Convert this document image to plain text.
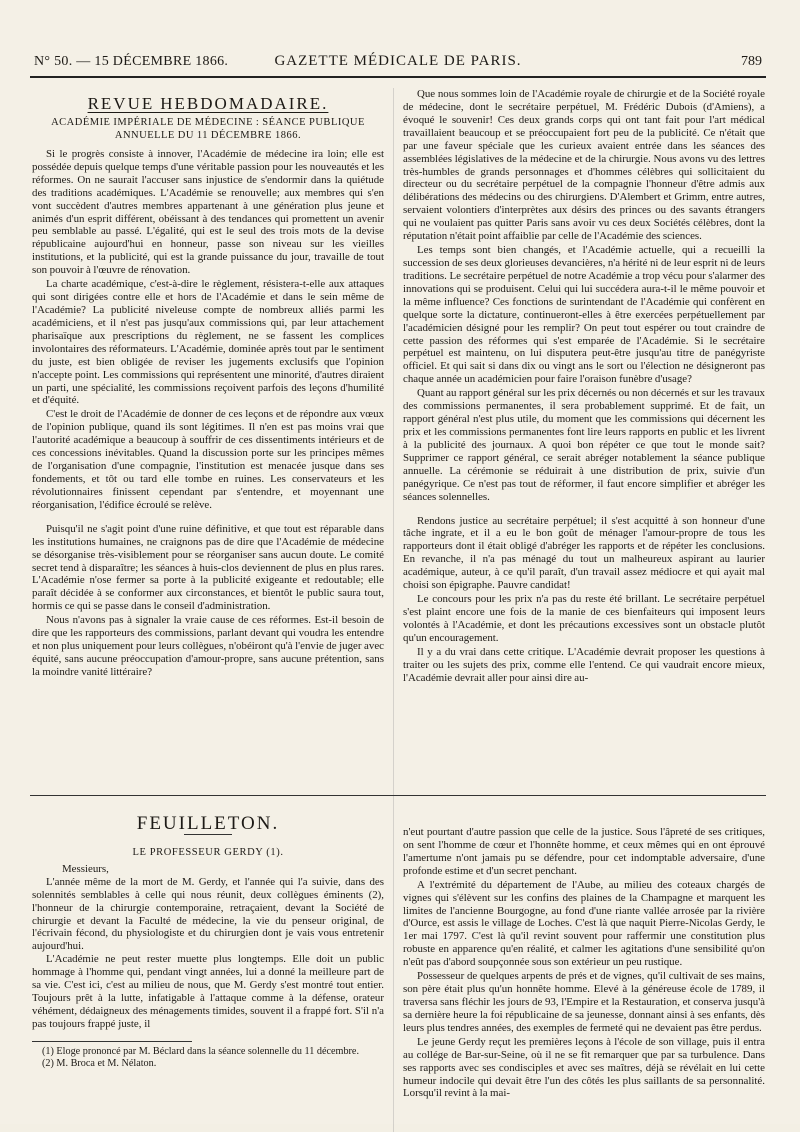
N° 50. — 15 DÉCEMBRE 1866.	GAZETTE MÉDICALE DE PARIS.	789
REVUE HEBDOMADAIRE.
ACADÉMIE IMPÉRIALE DE MÉDECINE : SÉANCE PUBLIQUE
ANNUELLE DU 11 DÉCEMBRE 1866.

Si le progrès consiste à innover, l'Académie de médecine ira loin; elle est possédée depuis quelque temps d'une véritable passion pour les nouveautés et les réformes. On ne saurait l'accuser sans injustice de s'endormir dans la quiétude des traditions académiques. L'Académie se renouvelle; aux membres qui s'en vont succèdent d'autres membres appartenant à une génération plus jeune et animés d'un esprit différent, obéissant à des tendances qui promettent un avenir peu semblable au passé. L'égalité, qui est le seul des trois mots de la devise républicaine aujourd'hui en honneur, passe son niveau sur les vieilles institutions, et la publicité, qui est la grande puissance du jour, travaille de tout son pouvoir à l'œuvre de rénovation.

La charte académique, c'est-à-dire le règlement, résistera-t-elle aux attaques qui sont dirigées contre elle et hors de l'Académie et dans le sein même de l'Académie? La publicité niveleuse compte de nombreux alliés parmi les académiciens, et il n'est pas jusqu'aux commissions qui, par leur attachement pharisaïque aux prescriptions du règlement, ne se fassent les complices involontaires des réformateurs. L'Académie, dominée après tout par le sentiment du juste, est bien obligée de reviser les jugements exclusifs que l'opinion n'accepte point. Les commissions qui représentent une minorité, d'autres diraient un parti, une spécialité, les commissions reçoivent parfois des leçons d'humilité et d'équité.

C'est le droit de l'Académie de donner de ces leçons et de répondre aux vœux de l'opinion publique, quand ils sont légitimes. Il n'en est pas moins vrai que l'autorité académique a beaucoup à souffrir de ces dissentiments intérieurs et de ces concessions inévitables. Quand la discussion porte sur les principes mêmes de l'organisation d'une compagnie, l'institution est menacée jusque dans ses fondements, et tôt ou tard elle tombe en ruines. Les conservateurs et les révolutionnaires finissent cependant par s'entendre, et moyennant une réorganisation, l'édifice écroulé se relève.

Puisqu'il ne s'agit point d'une ruine définitive, et que tout est réparable dans les institutions humaines, ne craignons pas de dire que l'Académie de médecine se désorganise très-visiblement pour se réorganiser sans aucun doute. Le comité secret tend à disparaître; les séances à huis-clos deviennent de plus en plus rares. L'Académie n'ose fermer sa porte à la publicité exigeante et redoutable; elle paraît décidée à se conformer aux circonstances, et bientôt le public saura tout, hormis ce qui se passe dans le conseil d'administration.

Nous n'avons pas à signaler la vraie cause de ces réformes. Est-il besoin de dire que les rapporteurs des commissions, parlant devant qui voudra les entendre et non plus uniquement pour leurs collègues, n'obéiront qu'à l'envie de juger avec équité, sans aucune préoccupation d'amour-propre, sans aucune prétention, sans la moindre vanité littéraire?

Que nous sommes loin de l'Académie royale de chirurgie et de la Société royale de médecine, dont le secrétaire perpétuel, M. Frédéric Dubois (d'Amiens), a évoqué le souvenir! Ces deux grands corps qui ont tant fait pour l'art médical travaillaient beaucoup et se préoccupaient fort peu de la publicité. Ce n'était que par une faveur spéciale que les curieux avaient entrée dans les séances des assemblées législatives de la médecine et de la chirurgie. Nous avons vu des lettres très-humbles de grands personnages et d'hommes célèbres qui sollicitaient du directeur ou du secrétaire perpétuel de la compagnie l'honneur d'être admis aux délibérations des médecins ou des chirurgiens. D'Alembert et Grimm, entre autres, servaient volontiers d'interprètes aux désirs des princes ou des savants étrangers qui ne voulaient pas quitter Paris sans avoir vu ces deux Sociétés célèbres, dont la réputation n'était point affaiblie par celle de l'Académie des sciences.

Les temps sont bien changés, et l'Académie actuelle, qui a recueilli la succession de ses deux glorieuses devancières, n'a hérité ni de leur esprit ni de leurs traditions. Le secrétaire perpétuel de notre Académie a trop vécu pour s'alarmer des innovations qui se produisent. Celui qui lui succédera aura-t-il le même pouvoir et la même influence? Ces fonctions de surintendant de l'Académie qui confèrent en quelque sorte la dictature, continueront-elles à être exercées perpétuellement par l'académicien désigné pour les remplir? On peut tout espérer ou tout craindre de cette passion des réformes qui s'est emparée de l'Académie. Si le secrétaire perpétuel est maintenu, on lui disputera peut-être jusqu'au titre de panégyriste officiel. Et qui sait si dans dix ou vingt ans le sort ou l'élection ne désigneront pas chaque année un académicien pour faire l'oraison funèbre d'usage?

Quant au rapport général sur les prix décernés ou non décernés et sur les travaux des commissions permanentes, il sera probablement supprimé. Et de fait, un rapport général n'est plus utile, du moment que les commissions qui décernent les prix et les commissions permanentes font lire leurs rapports en public et les livrent à la publicité des journaux. A quoi bon répéter ce que tout le monde sait? Supprimer ce rapport général, ce serait abréger notablement la séance publique annuelle. La cérémonie se réduirait à une distribution de prix, suivie d'un panégyrique. Ce n'est pas tout de réformer, il faut encore simplifier et abréger les séances solennelles.

Rendons justice au secrétaire perpétuel; il s'est acquitté à son honneur d'une tâche ingrate, et il a eu le bon goût de ménager l'amour-propre de tous les rapporteurs dont il était obligé d'abréger les rapports et de répéter les conclusions. En revanche, il n'a pas ménagé du tout un malheureux aspirant au laurier académique, auteur, à ce qu'il paraît, d'un travail assez médiocre et qui ayait mal choisi son épigraphe. Pauvre candidat!

Le concours pour les prix n'a pas du reste été brillant. Le secrétaire perpétuel s'est plaint encore une fois de la manie de ces bienfaiteurs qui imposent leurs volontés à l'Académie, et dont les précautions excessives sont un obstacle plutôt qu'un encouragement.

Il y a du vrai dans cette critique. L'Académie devrait proposer les questions à traiter ou les sujets des prix, comme elle l'entend. Ce qui vaudrait encore mieux, l'Académie devrait aller pour ainsi dire au-

FEUILLETON.
LE PROFESSEUR GERDY (1).

Messieurs,

L'année même de la mort de M. Gerdy, et l'année qui l'a suivie, dans des solennités semblables à celle qui nous réunit, deux collègues éminents (2), l'honneur de la chirurgie contemporaine, retraçaient, devant la Société de chirurgie et devant la Faculté de médecine, la vie du penseur original, de l'écrivain fécond, du physiologiste et du chirurgien dont je vais vous entretenir aujourd'hui.

L'Académie ne peut rester muette plus longtemps. Elle doit un public hommage à l'homme qui, pendant vingt années, lui a donné la meilleure part de sa vie. C'est ici, c'est au milieu de nous, que M. Gerdy s'est montré tout entier. Toujours prêt à la lutte, infatigable à l'attaque comme à la défense, orateur véhément, dédaigneux des ménagements timides, souvent il a frappé fort. S'il n'a pas toujours frappé juste, il

(1) Eloge prononcé par M. Béclard dans la séance solennelle du 11 décembre.

(2) M. Broca et M. Nélaton.

n'eut pourtant d'autre passion que celle de la justice. Sous l'âpreté de ses critiques, on sent l'homme de cœur et l'honnête homme, et ceux mêmes qui en ont éprouvé l'amertume n'ont jamais pu se défendre, pour cet indomptable adversaire, d'une profonde estime et d'un secret penchant.

A l'extrémité du département de l'Aube, au milieu des coteaux chargés de vignes qui s'élèvent sur les confins des plaines de la Champagne et marquent les limites de l'ancienne Bourgogne, au fond d'une riante vallée arrosée par la rivière d'Ource, est assis le village de Loches. C'est là que naquit Pierre-Nicolas Gerdy, le 1er mai 1797. C'est là qu'il revint souvent pour raffermir une constitution plus robuste en apparence qu'en réalité, et calmer les agitations d'une sensibilité qu'on n'eût pas d'abord soupçonnée sous son extérieur un peu rustique.

Possesseur de quelques arpents de prés et de vignes, qu'il cultivait de ses mains, son père était plus qu'un honnête homme. Elevé à la généreuse école de 1789, il traversa sans fléchir les jours de 93, l'Empire et la Restauration, et conserva jusqu'à sa dernière heure la foi républicaine de sa jeunesse, donnant ainsi à ses enfants, dès leurs plus tendres années, des exemples de fermeté qui ne devaient pas être perdus.

Le jeune Gerdy reçut les premières leçons à l'école de son village, puis il entra au collége de Bar-sur-Seine, où il ne se fit remarquer que par sa turbulence. Dans ses rapports avec ses condisciples et avec ses maîtres, déjà se révélait en lui cette humeur indocile qui devait être l'un des côtés les plus saillants de sa personnalité. Lorsqu'il revint à la mai-
